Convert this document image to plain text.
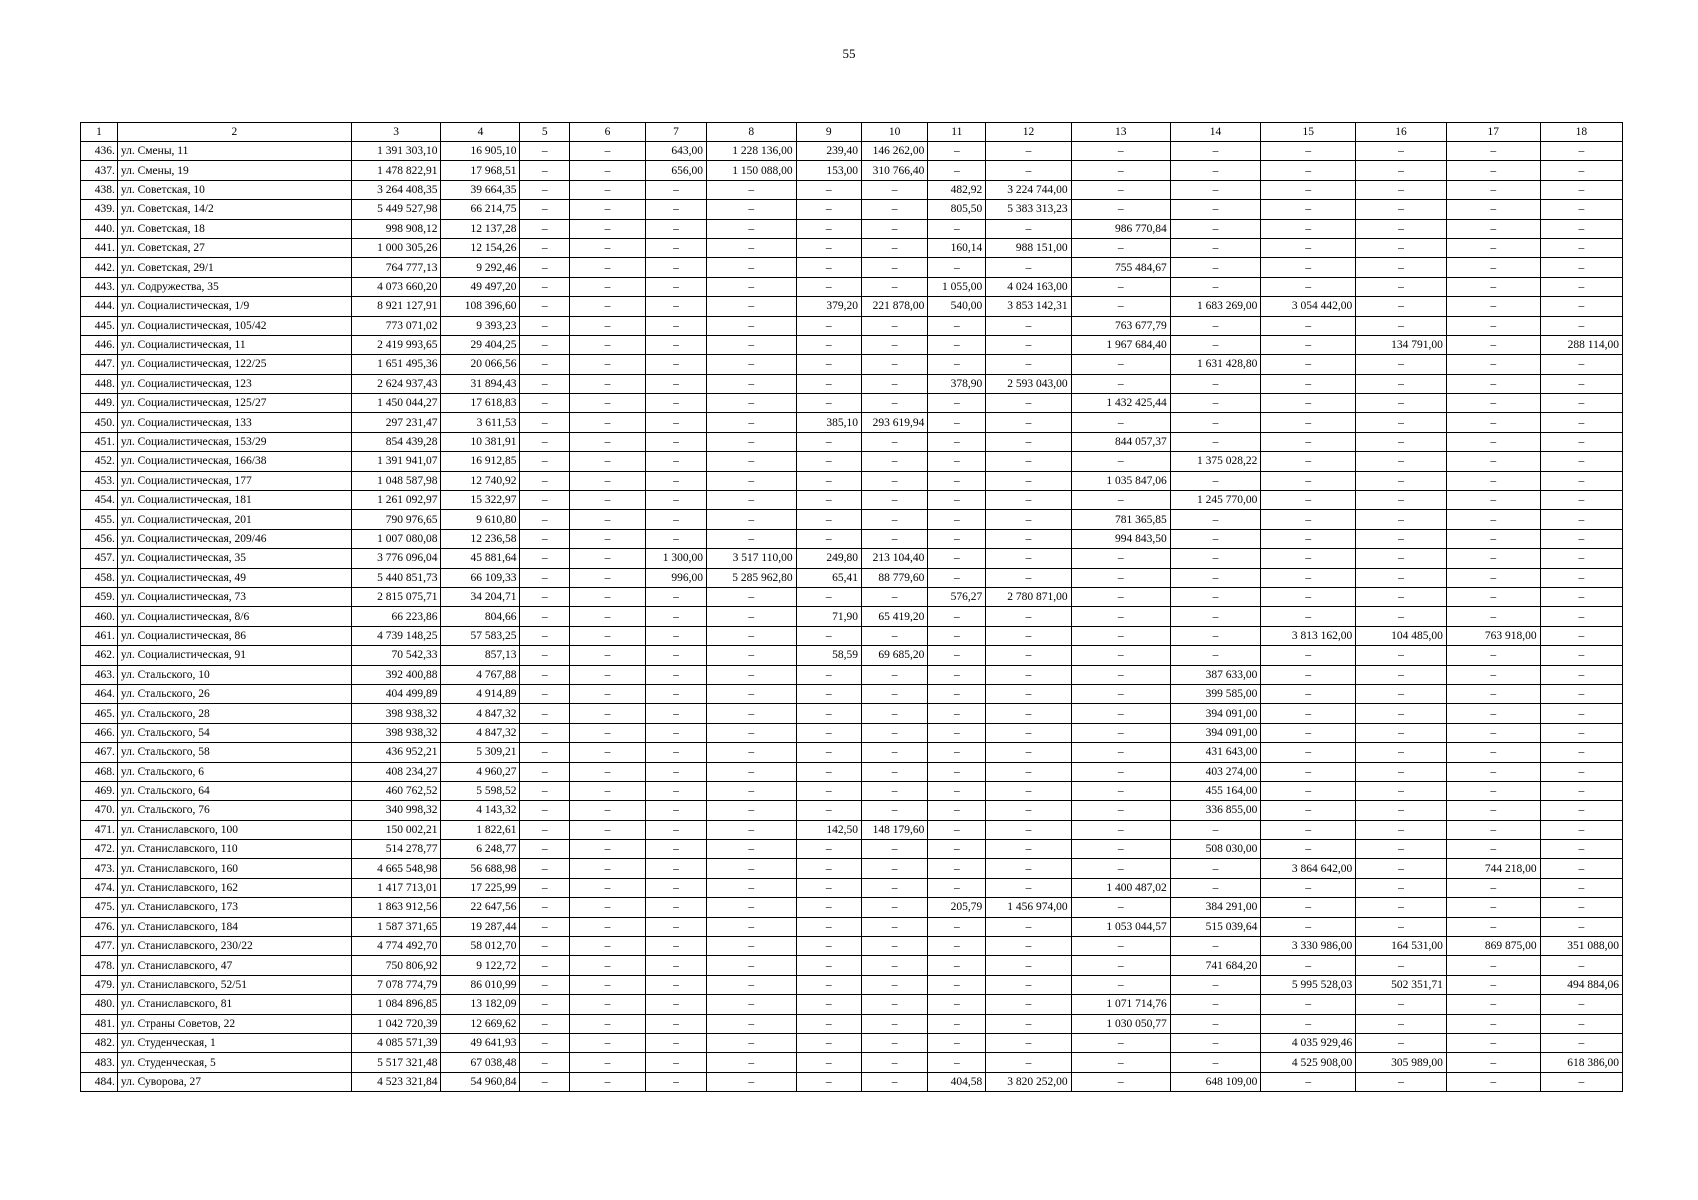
55
1	2	3	4	5	6	7	8	9	10	11	12	13	14	15	16	17	18
436.	ул. Смены, 11	1 391 303,10	16 905,10	–	–	643,00	1 228 136,00	239,40	146 262,00	–	–	–	–	–	–	–	–
437.	ул. Смены, 19	1 478 822,91	17 968,51	–	–	656,00	1 150 088,00	153,00	310 766,40	–	–	–	–	–	–	–	–
438.	ул. Советская, 10	3 264 408,35	39 664,35	–	–	–	–	–	–	482,92	3 224 744,00	–	–	–	–	–	–
439.	ул. Советская, 14/2	5 449 527,98	66 214,75	–	–	–	–	–	–	805,50	5 383 313,23	–	–	–	–	–	–
440.	ул. Советская, 18	998 908,12	12 137,28	–	–	–	–	–	–	–	–	986 770,84	–	–	–	–	–
441.	ул. Советская, 27	1 000 305,26	12 154,26	–	–	–	–	–	–	160,14	988 151,00	–	–	–	–	–	–
442.	ул. Советская, 29/1	764 777,13	9 292,46	–	–	–	–	–	–	–	–	755 484,67	–	–	–	–	–
443.	ул. Содружества, 35	4 073 660,20	49 497,20	–	–	–	–	–	–	1 055,00	4 024 163,00	–	–	–	–	–	–
444.	ул. Социалистическая, 1/9	8 921 127,91	108 396,60	–	–	–	–	379,20	221 878,00	540,00	3 853 142,31	–	1 683 269,00	3 054 442,00	–	–	–
445.	ул. Социалистическая, 105/42	773 071,02	9 393,23	–	–	–	–	–	–	–	–	763 677,79	–	–	–	–	–
446.	ул. Социалистическая, 11	2 419 993,65	29 404,25	–	–	–	–	–	–	–	–	1 967 684,40	–	–	134 791,00	–	288 114,00
447.	ул. Социалистическая, 122/25	1 651 495,36	20 066,56	–	–	–	–	–	–	–	–	–	1 631 428,80	–	–	–	–
448.	ул. Социалистическая, 123	2 624 937,43	31 894,43	–	–	–	–	–	–	378,90	2 593 043,00	–	–	–	–	–	–
449.	ул. Социалистическая, 125/27	1 450 044,27	17 618,83	–	–	–	–	–	–	–	–	1 432 425,44	–	–	–	–	–
450.	ул. Социалистическая, 133	297 231,47	3 611,53	–	–	–	–	385,10	293 619,94	–	–	–	–	–	–	–	–
451.	ул. Социалистическая, 153/29	854 439,28	10 381,91	–	–	–	–	–	–	–	–	844 057,37	–	–	–	–	–
452.	ул. Социалистическая, 166/38	1 391 941,07	16 912,85	–	–	–	–	–	–	–	–	–	1 375 028,22	–	–	–	–
453.	ул. Социалистическая, 177	1 048 587,98	12 740,92	–	–	–	–	–	–	–	–	1 035 847,06	–	–	–	–	–
454.	ул. Социалистическая, 181	1 261 092,97	15 322,97	–	–	–	–	–	–	–	–	–	1 245 770,00	–	–	–	–
455.	ул. Социалистическая, 201	790 976,65	9 610,80	–	–	–	–	–	–	–	–	781 365,85	–	–	–	–	–
456.	ул. Социалистическая, 209/46	1 007 080,08	12 236,58	–	–	–	–	–	–	–	–	994 843,50	–	–	–	–	–
457.	ул. Социалистическая, 35	3 776 096,04	45 881,64	–	–	1 300,00	3 517 110,00	249,80	213 104,40	–	–	–	–	–	–	–	–
458.	ул. Социалистическая, 49	5 440 851,73	66 109,33	–	–	996,00	5 285 962,80	65,41	88 779,60	–	–	–	–	–	–	–	–
459.	ул. Социалистическая, 73	2 815 075,71	34 204,71	–	–	–	–	–	–	576,27	2 780 871,00	–	–	–	–	–	–
460.	ул. Социалистическая, 8/6	66 223,86	804,66	–	–	–	–	71,90	65 419,20	–	–	–	–	–	–	–	–
461.	ул. Социалистическая, 86	4 739 148,25	57 583,25	–	–	–	–	–	–	–	–	–	–	3 813 162,00	104 485,00	763 918,00	–
462.	ул. Социалистическая, 91	70 542,33	857,13	–	–	–	–	58,59	69 685,20	–	–	–	–	–	–	–	–
463.	ул. Стальского, 10	392 400,88	4 767,88	–	–	–	–	–	–	–	–	–	387 633,00	–	–	–	–
464.	ул. Стальского, 26	404 499,89	4 914,89	–	–	–	–	–	–	–	–	–	399 585,00	–	–	–	–
465.	ул. Стальского, 28	398 938,32	4 847,32	–	–	–	–	–	–	–	–	–	394 091,00	–	–	–	–
466.	ул. Стальского, 54	398 938,32	4 847,32	–	–	–	–	–	–	–	–	–	394 091,00	–	–	–	–
467.	ул. Стальского, 58	436 952,21	5 309,21	–	–	–	–	–	–	–	–	–	431 643,00	–	–	–	–
468.	ул. Стальского, 6	408 234,27	4 960,27	–	–	–	–	–	–	–	–	–	403 274,00	–	–	–	–
469.	ул. Стальского, 64	460 762,52	5 598,52	–	–	–	–	–	–	–	–	–	455 164,00	–	–	–	–
470.	ул. Стальского, 76	340 998,32	4 143,32	–	–	–	–	–	–	–	–	–	336 855,00	–	–	–	–
471.	ул. Станиславского, 100	150 002,21	1 822,61	–	–	–	–	142,50	148 179,60	–	–	–	–	–	–	–	–
472.	ул. Станиславского, 110	514 278,77	6 248,77	–	–	–	–	–	–	–	–	–	508 030,00	–	–	–	–
473.	ул. Станиславского, 160	4 665 548,98	56 688,98	–	–	–	–	–	–	–	–	–	–	3 864 642,00	–	744 218,00	–
474.	ул. Станиславского, 162	1 417 713,01	17 225,99	–	–	–	–	–	–	–	–	1 400 487,02	–	–	–	–	–
475.	ул. Станиславского, 173	1 863 912,56	22 647,56	–	–	–	–	–	–	205,79	1 456 974,00	–	384 291,00	–	–	–	–
476.	ул. Станиславского, 184	1 587 371,65	19 287,44	–	–	–	–	–	–	–	–	1 053 044,57	515 039,64	–	–	–	–
477.	ул. Станиславского, 230/22	4 774 492,70	58 012,70	–	–	–	–	–	–	–	–	–	–	3 330 986,00	164 531,00	869 875,00	351 088,00
478.	ул. Станиславского, 47	750 806,92	9 122,72	–	–	–	–	–	–	–	–	–	741 684,20	–	–	–	–
479.	ул. Станиславского, 52/51	7 078 774,79	86 010,99	–	–	–	–	–	–	–	–	–	–	5 995 528,03	502 351,71	–	494 884,06
480.	ул. Станиславского, 81	1 084 896,85	13 182,09	–	–	–	–	–	–	–	–	1 071 714,76	–	–	–	–	–
481.	ул. Страны Советов, 22	1 042 720,39	12 669,62	–	–	–	–	–	–	–	–	1 030 050,77	–	–	–	–	–
482.	ул. Студенческая, 1	4 085 571,39	49 641,93	–	–	–	–	–	–	–	–	–	–	4 035 929,46	–	–	–
483.	ул. Студенческая, 5	5 517 321,48	67 038,48	–	–	–	–	–	–	–	–	–	–	4 525 908,00	305 989,00	–	618 386,00
484.	ул. Суворова, 27	4 523 321,84	54 960,84	–	–	–	–	–	–	404,58	3 820 252,00	–	648 109,00	–	–	–	–
